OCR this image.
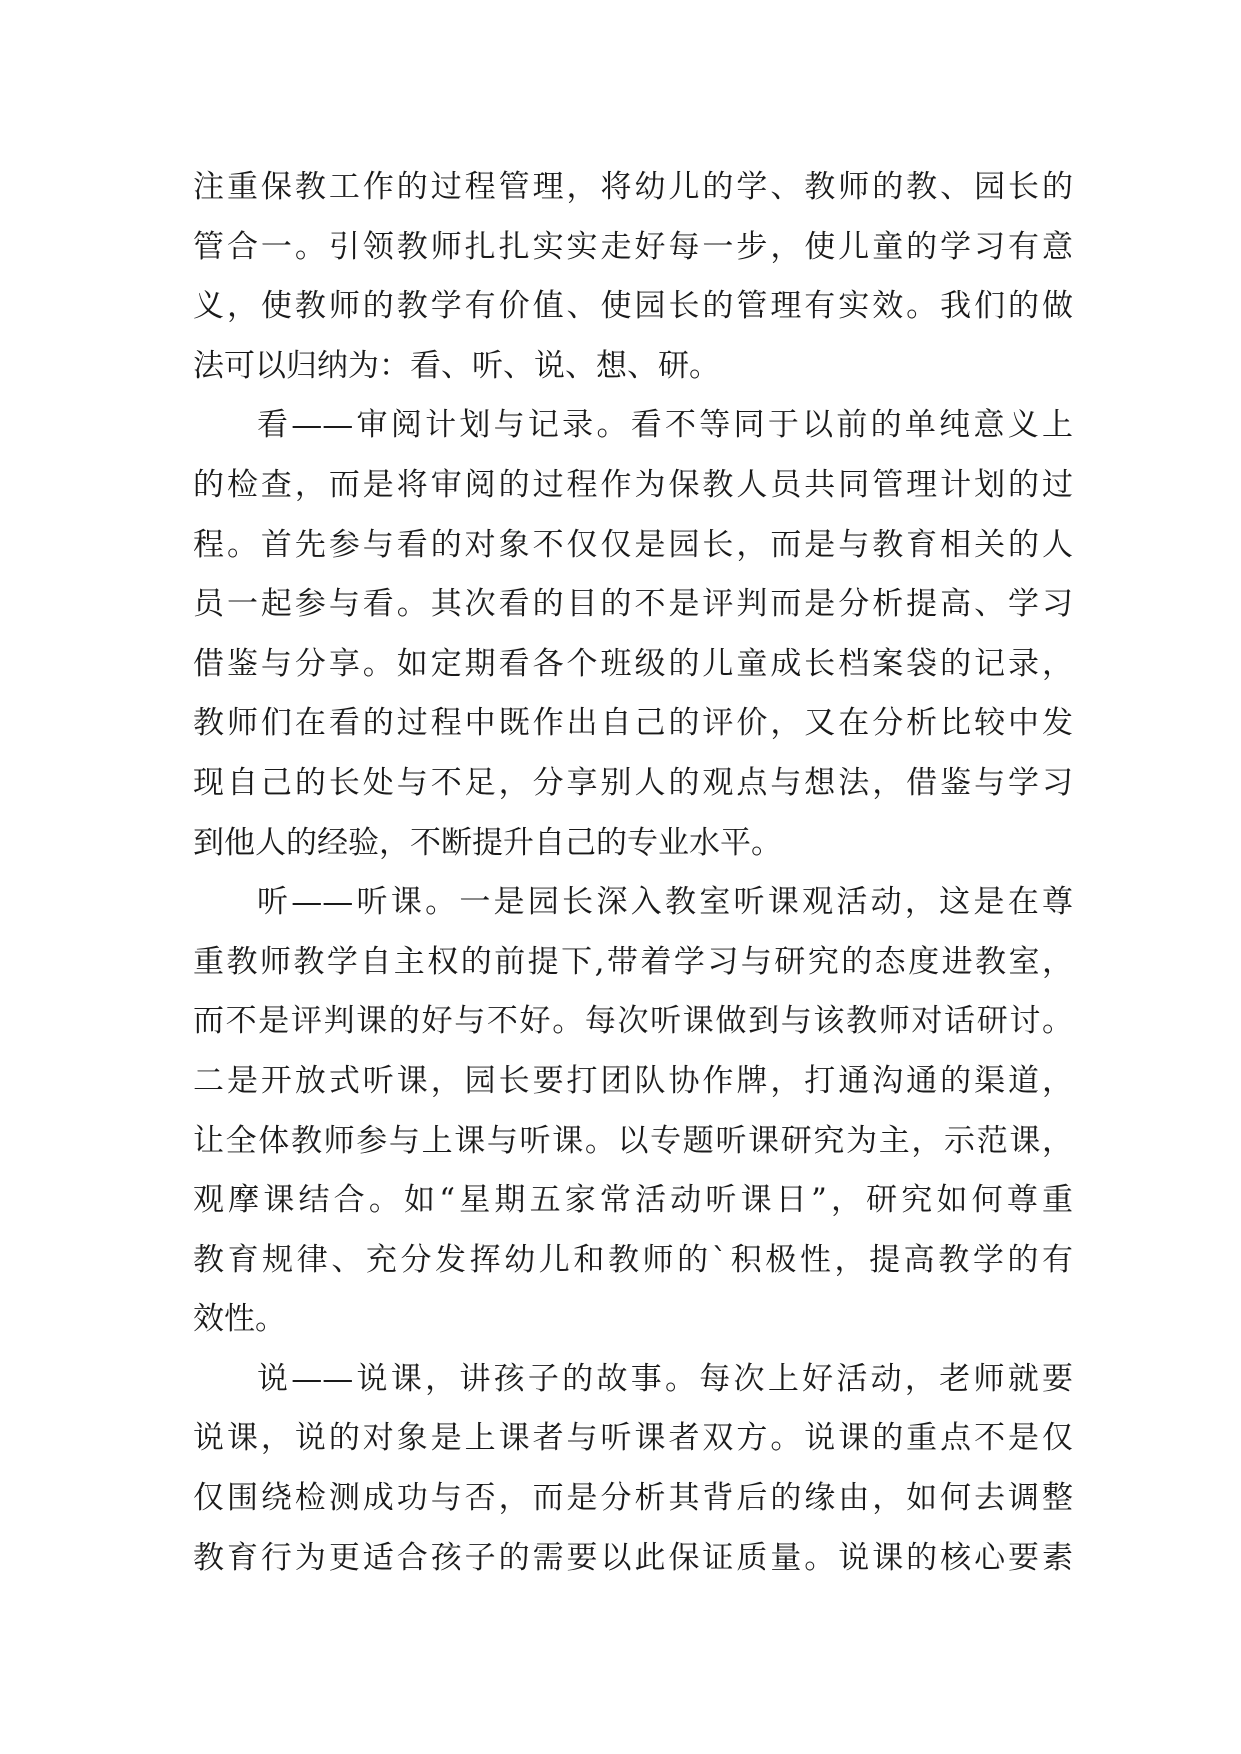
注重保教工作的过程管理，将幼儿的学、教师的教、园长的
管合一。引领教师扎扎实实走好每一步，使儿童的学习有意
义，使教师的教学有价值、使园长的管理有实效。我们的做
法可以归纳为：看、听、说、想、研。
看——审阅计划与记录。看不等同于以前的单纯意义上
的检查，而是将审阅的过程作为保教人员共同管理计划的过
程。首先参与看的对象不仅仅是园长，而是与教育相关的人
员一起参与看。其次看的目的不是评判而是分析提高、学习
借鉴与分享。如定期看各个班级的儿童成长档案袋的记录，
教师们在看的过程中既作出自己的评价，又在分析比较中发
现自己的长处与不足，分享别人的观点与想法，借鉴与学习
到他人的经验，不断提升自己的专业水平。
听——听课。一是园长深入教室听课观活动，这是在尊
重教师教学自主权的前提下,带着学习与研究的态度进教室，
而不是评判课的好与不好。每次听课做到与该教师对话研讨。
二是开放式听课，园长要打团队协作牌，打通沟通的渠道，
让全体教师参与上课与听课。以专题听课研究为主，示范课，
观摩课结合。如“星期五家常活动听课日”，研究如何尊重
教育规律、充分发挥幼儿和教师的`积极性，提高教学的有
效性。
说——说课，讲孩子的故事。每次上好活动，老师就要
说课，说的对象是上课者与听课者双方。说课的重点不是仅
仅围绕检测成功与否，而是分析其背后的缘由，如何去调整
教育行为更适合孩子的需要以此保证质量。说课的核心要素
